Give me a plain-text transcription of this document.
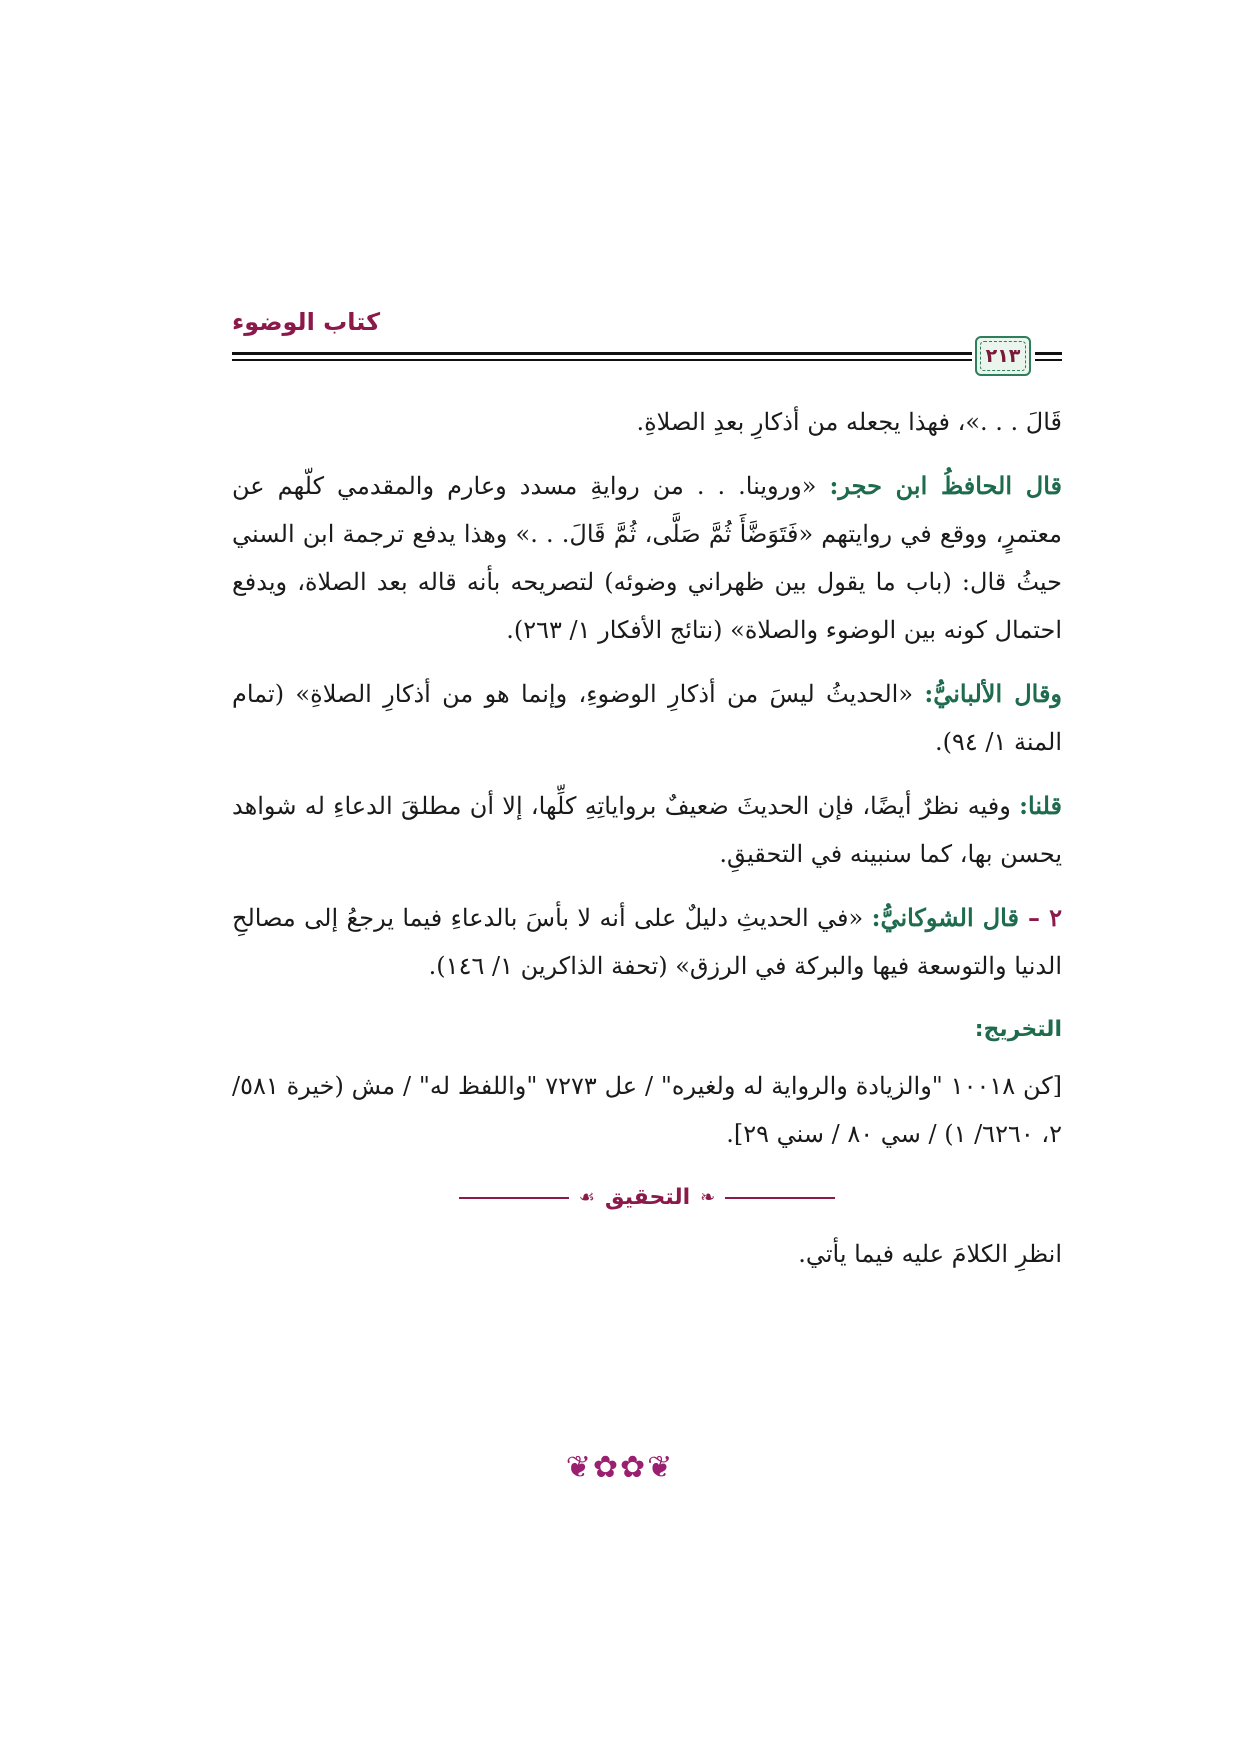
كتاب الوضوء
٢١٣

قَالَ . . .»، فهذا يجعله من أذكارِ بعدِ الصلاةِ.

قال الحافظُ ابن حجر: «وروينا. . . من روايةِ مسدد وعارم والمقدمي كلّهم عن معتمرٍ، ووقع في روايتهم «فَتَوَضَّأَ ثُمَّ صَلَّى، ثُمَّ قَالَ. . .» وهذا يدفع ترجمة ابن السني حيثُ قال: (باب ما يقول بين ظهراني وضوئه) لتصريحه بأنه قاله بعد الصلاة، ويدفع احتمال كونه بين الوضوء والصلاة» (نتائج الأفكار ١/ ٢٦٣).

وقال الألبانيُّ: «الحديثُ ليسَ من أذكارِ الوضوءِ، وإنما هو من أذكارِ الصلاةِ» (تمام المنة ١/ ٩٤).

قلنا: وفيه نظرٌ أيضًا، فإن الحديثَ ضعيفٌ برواياتِهِ كلِّها، إلا أن مطلقَ الدعاءِ له شواهد يحسن بها، كما سنبينه في التحقيقِ.

٢ – قال الشوكانيُّ: «في الحديثِ دليلٌ على أنه لا بأسَ بالدعاءِ فيما يرجعُ إلى مصالحِ الدنيا والتوسعة فيها والبركة في الرزق» (تحفة الذاكرين ١/ ١٤٦).

التخريج:

[كن ١٠٠١٨ "والزيادة والرواية له ولغيره" / عل ٧٢٧٣ "واللفظ له" / مش (خيرة ٥٨١/ ٢، ٦٢٦٠/ ١) / سي ٨٠ / سني ٢٩].

❧
التحقيق
☙

انظرِ الكلامَ عليه فيما يأتي.

❦✿✿❦
